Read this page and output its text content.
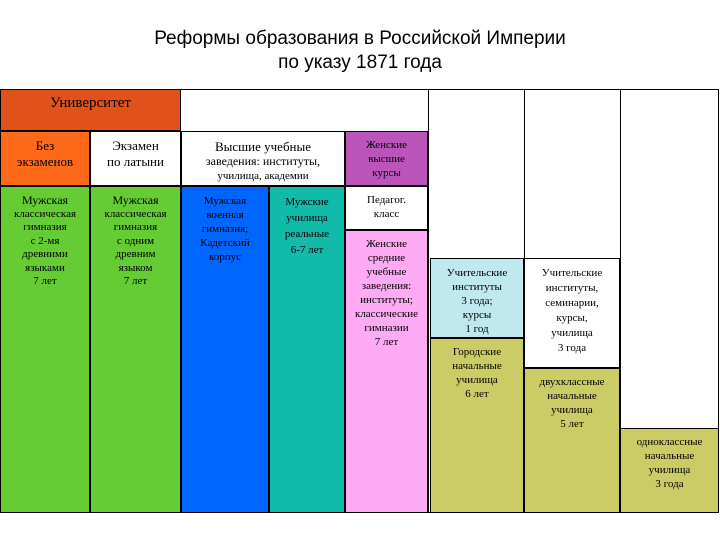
Реформы образования в Российской Империи
по указу 1871 года
Университет
Без
экзаменов
Экзамен
по латыни
Высшие учебные
заведения: институты,
училища, академии
Женские
высшие
курсы
Мужская
классическая
гимназия
с 2-мя
древними
языками
7 лет
Мужская
классическая
гимназия
с одним
древним
языком
7 лет
Мужская
военная
гимназия;
Кадетский
корпус
Мужские
училища
реальные
6-7 лет
Педагог.
класс
Женские
средние
учебные
заведения:
институты;
классические
гимназии
7 лет
Учительские
институты
3 года;
курсы
1 год
Городские
начальные
училища
6 лет
Учительские
институты,
семинарии,
курсы,
училища
3 года
двухклассные
начальные
училища
5 лет
одноклассные
начальные
училища
3 года
